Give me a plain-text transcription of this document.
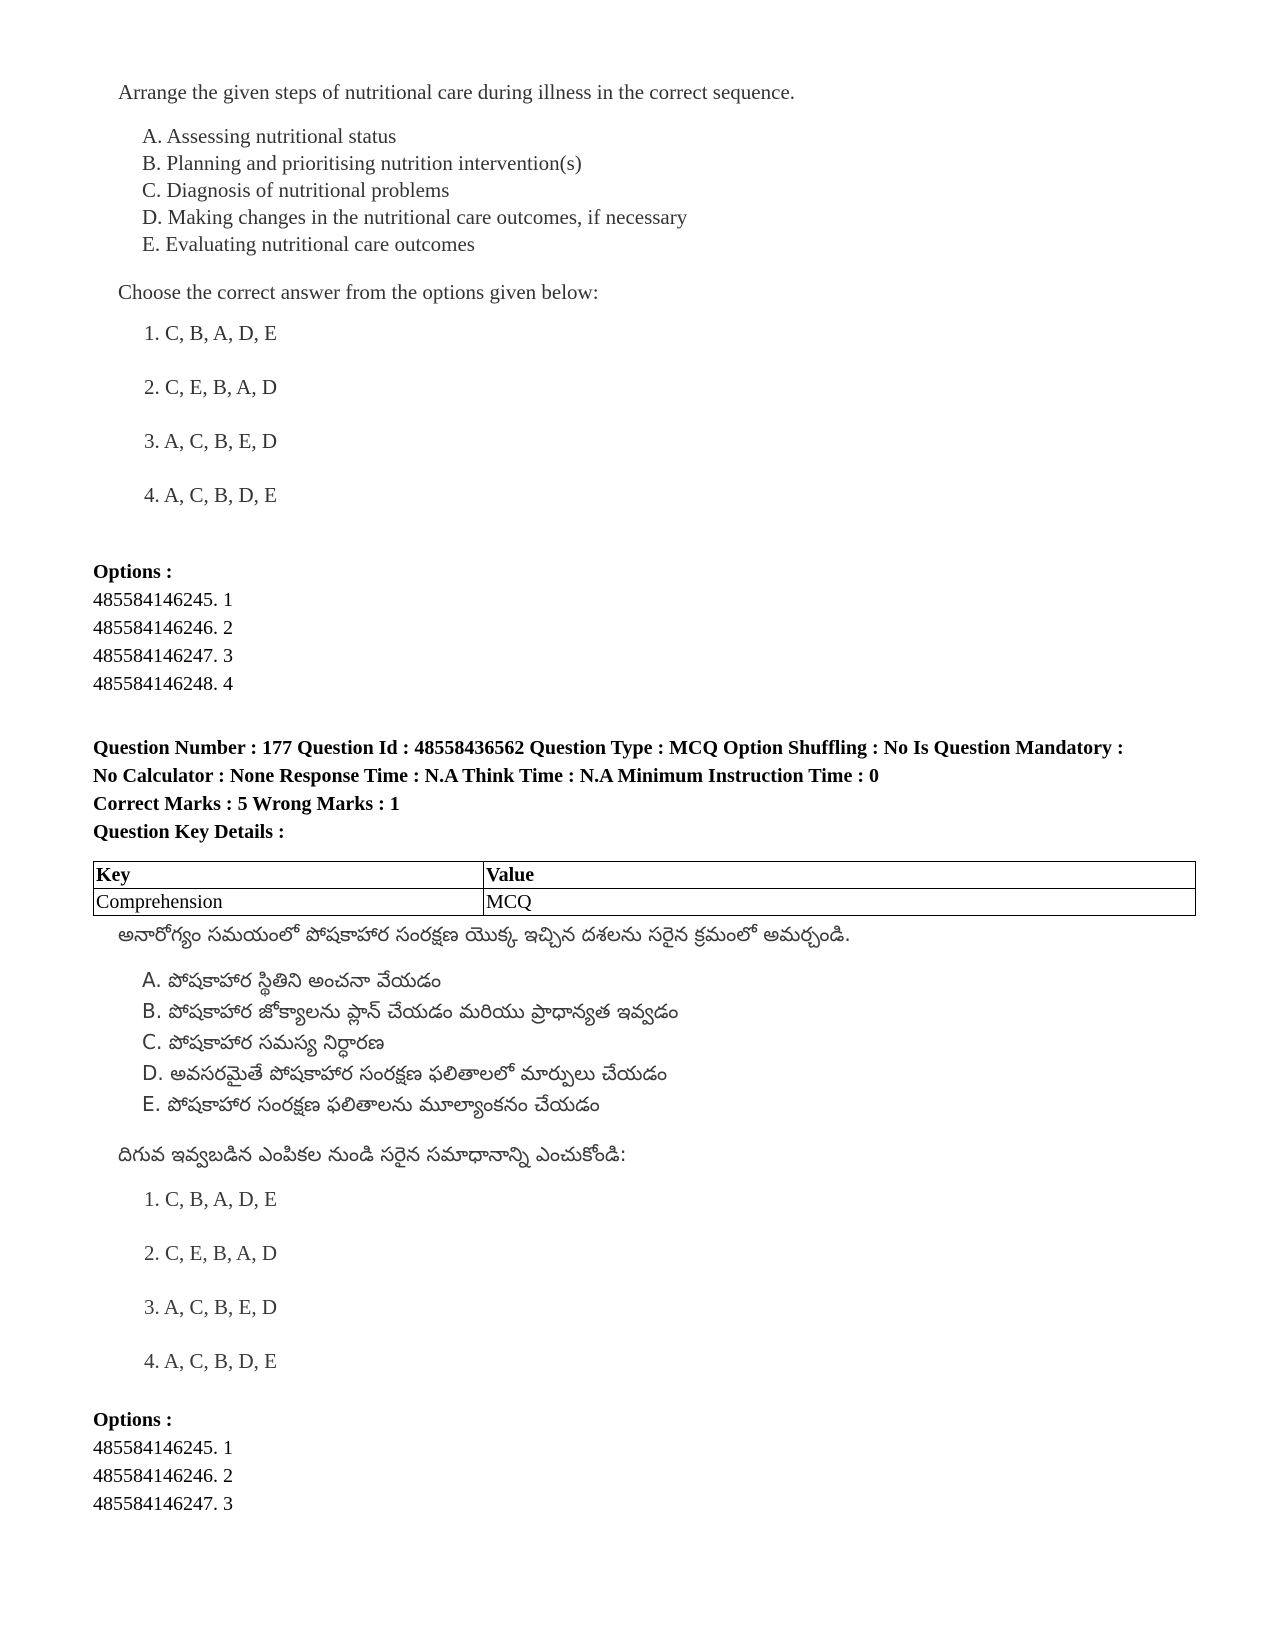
Arrange the given steps of nutritional care during illness in the correct sequence.

A. Assessing nutritional status
B. Planning and prioritising nutrition intervention(s)
C. Diagnosis of nutritional problems
D. Making changes in the nutritional care outcomes, if necessary
E. Evaluating nutritional care outcomes

Choose the correct answer from the options given below:

1. C, B, A, D, E
2. C, E, B, A, D
3. A, C, B, E, D
4. A, C, B, D, E
Options :
485584146245. 1
485584146246. 2
485584146247. 3
485584146248. 4
Question Number : 177 Question Id : 48558436562 Question Type : MCQ Option Shuffling : No Is Question Mandatory :
No Calculator : None Response Time : N.A Think Time : N.A Minimum Instruction Time : 0
Correct Marks : 5 Wrong Marks : 1
Question Key Details :
Key	Value
Comprehension	MCQ

అనారోగ్యం సమయంలో పోషకాహార సంరక్షణ యొక్క ఇచ్చిన దశలను సరైన క్రమంలో అమర్చండి.

A. పోషకాహార స్థితిని అంచనా వేయడం
B. పోషకాహార జోక్యాలను ప్లాన్ చేయడం మరియు ప్రాధాన్యత ఇవ్వడం
C. పోషకాహార సమస్య నిర్ధారణ
D. అవసరమైతే పోషకాహార సంరక్షణ ఫలితాలలో మార్పులు చేయడం
E. పోషకాహార సంరక్షణ ఫలితాలను మూల్యాంకనం చేయడం

దిగువ ఇవ్వబడిన ఎంపికల నుండి సరైన సమాధానాన్ని ఎంచుకోండి:

1. C, B, A, D, E
2. C, E, B, A, D
3. A, C, B, E, D
4. A, C, B, D, E
Options :
485584146245. 1
485584146246. 2
485584146247. 3
